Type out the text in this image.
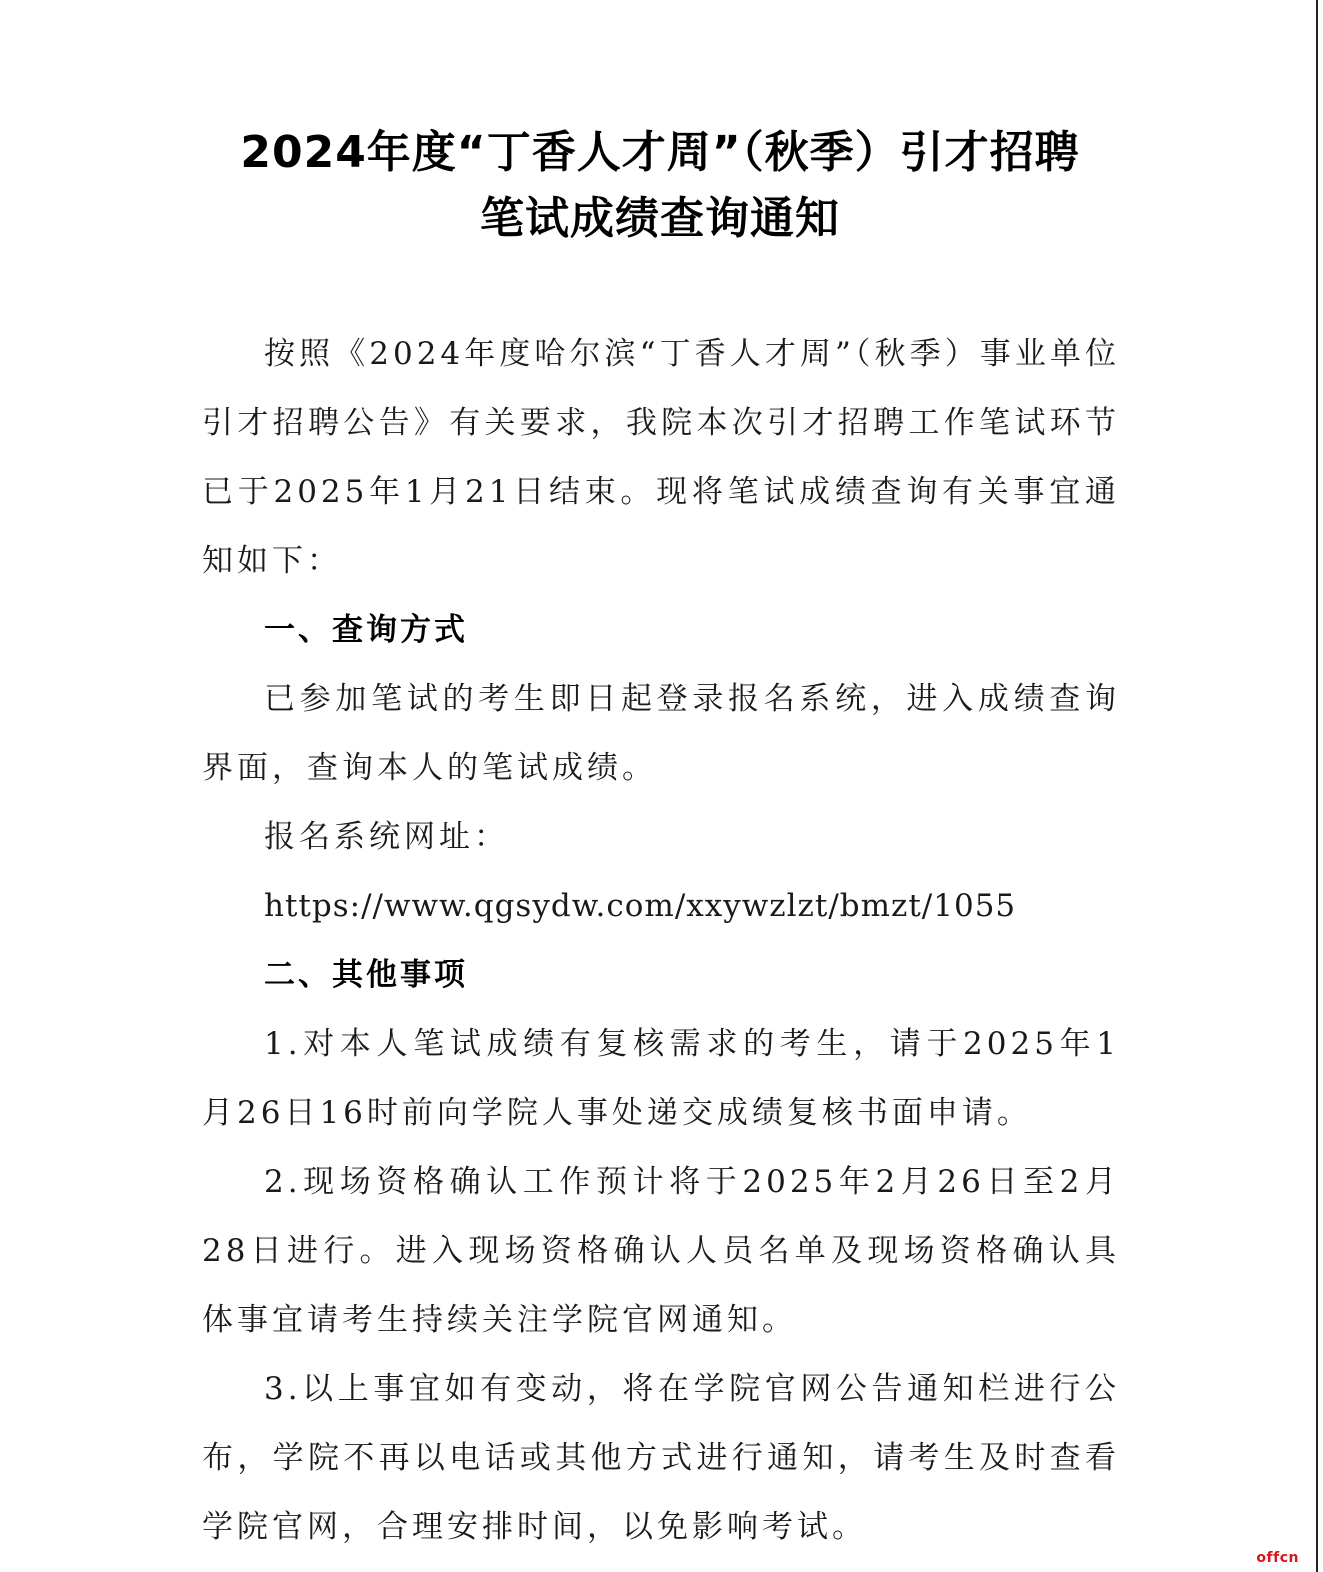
2024年度“丁香人才周”（秋季）引才招聘
笔试成绩查询通知

按照《2024年度哈尔滨“丁香人才周”（秋季）事业单位引才招聘公告》有关要求，我院本次引才招聘工作笔试环节已于2025年1月21日结束。现将笔试成绩查询有关事宜通知如下：

一、查询方式

已参加笔试的考生即日起登录报名系统，进入成绩查询界面，查询本人的笔试成绩。

报名系统网址：

https://www.qgsydw.com/xxywzlzt/bmzt/1055

二、其他事项

1.对本人笔试成绩有复核需求的考生，请于2025年1月26日16时前向学院人事处递交成绩复核书面申请。

2.现场资格确认工作预计将于2025年2月26日至2月28日进行。进入现场资格确认人员名单及现场资格确认具体事宜请考生持续关注学院官网通知。

3.以上事宜如有变动，将在学院官网公告通知栏进行公布，学院不再以电话或其他方式进行通知，请考生及时查看学院官网，合理安排时间，以免影响考试。

offcn
